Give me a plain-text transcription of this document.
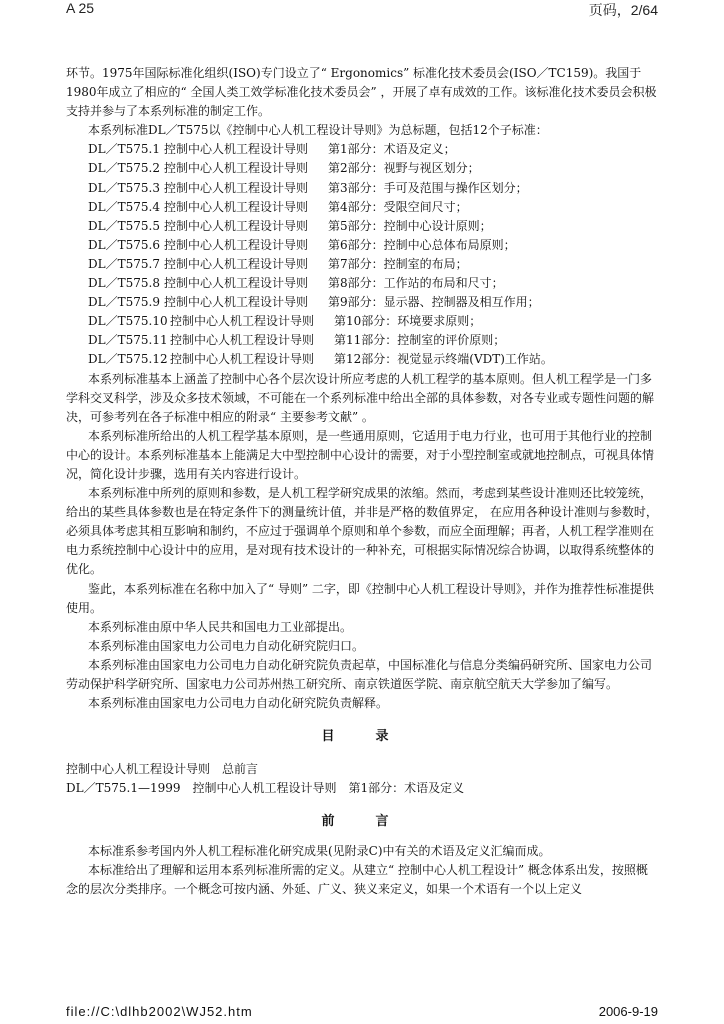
A 25	页码，2/64

环节。1975年国际标准化组织(ISO)专门设立了“ Ergonomics” 标准化技术委员会(ISO／TC159)。我国于1980年成立了相应的“ 全国人类工效学标准化技术委员会” ，开展了卓有成效的工作。该标准化技术委员会积极支持并参与了本系列标准的制定工作。

本系列标准DL／T575以《控制中心人机工程设计导则》为总标题，包括12个子标准：

DL／T575.1 控制中心人机工程设计导则 第1部分：术语及定义；
DL／T575.2 控制中心人机工程设计导则 第2部分：视野与视区划分；
DL／T575.3 控制中心人机工程设计导则 第3部分：手可及范围与操作区划分；
DL／T575.4 控制中心人机工程设计导则 第4部分：受限空间尺寸；
DL／T575.5 控制中心人机工程设计导则 第5部分：控制中心设计原则；
DL／T575.6 控制中心人机工程设计导则 第6部分：控制中心总体布局原则；
DL／T575.7 控制中心人机工程设计导则 第7部分：控制室的布局；
DL／T575.8 控制中心人机工程设计导则 第8部分：工作站的布局和尺寸；
DL／T575.9 控制中心人机工程设计导则 第9部分：显示器、控制器及相互作用；
DL／T575.10 控制中心人机工程设计导则 第10部分：环境要求原则；
DL／T575.11 控制中心人机工程设计导则 第11部分：控制室的评价原则；
DL／T575.12 控制中心人机工程设计导则 第12部分：视觉显示终端(VDT)工作站。

本系列标准基本上涵盖了控制中心各个层次设计所应考虑的人机工程学的基本原则。但人机工程学是一门多学科交叉科学，涉及众多技术领域，不可能在一个系列标准中给出全部的具体参数，对各专业或专题性问题的解决，可参考列在各子标准中相应的附录“ 主要参考文献” 。

本系列标准所给出的人机工程学基本原则，是一些通用原则，它适用于电力行业，也可用于其他行业的控制中心的设计。本系列标准基本上能满足大中型控制中心设计的需要，对于小型控制室或就地控制点，可视具体情况，简化设计步骤，选用有关内容进行设计。

本系列标准中所列的原则和参数，是人机工程学研究成果的浓缩。然而，考虑到某些设计准则还比较笼统，给出的某些具体参数也是在特定条件下的测量统计值，并非是严格的数值界定， 在应用各种设计准则与参数时，必须具体考虑其相互影响和制约，不应过于强调单个原则和单个参数，而应全面理解；再者，人机工程学准则在电力系统控制中心设计中的应用，是对现有技术设计的一种补充，可根据实际情况综合协调，以取得系统整体的优化。

鉴此，本系列标准在名称中加入了“ 导则” 二字，即《控制中心人机工程设计导则》，并作为推荐性标准提供使用。

本系列标准由原中华人民共和国电力工业部提出。

本系列标准由国家电力公司电力自动化研究院归口。

本系列标准由国家电力公司电力自动化研究院负责起草，中国标准化与信息分类编码研究所、国家电力公司劳动保护科学研究所、国家电力公司苏州热工研究所、南京铁道医学院、南京航空航天大学参加了编写。

本系列标准由国家电力公司电力自动化研究院负责解释。

目　录

控制中心人机工程设计导则　总前言

DL／T575.1—1999　控制中心人机工程设计导则　第1部分：术语及定义

前　言

本标准系参考国内外人机工程标准化研究成果(见附录C)中有关的术语及定义汇编而成。

本标准给出了理解和运用本系列标准所需的定义。从建立“ 控制中心人机工程设计” 概念体系出发，按照概念的层次分类排序。一个概念可按内涵、外延、广义、狭义来定义，如果一个术语有一个以上定义

file://C:\dlhb2002\WJ52.htm	2006-9-19
